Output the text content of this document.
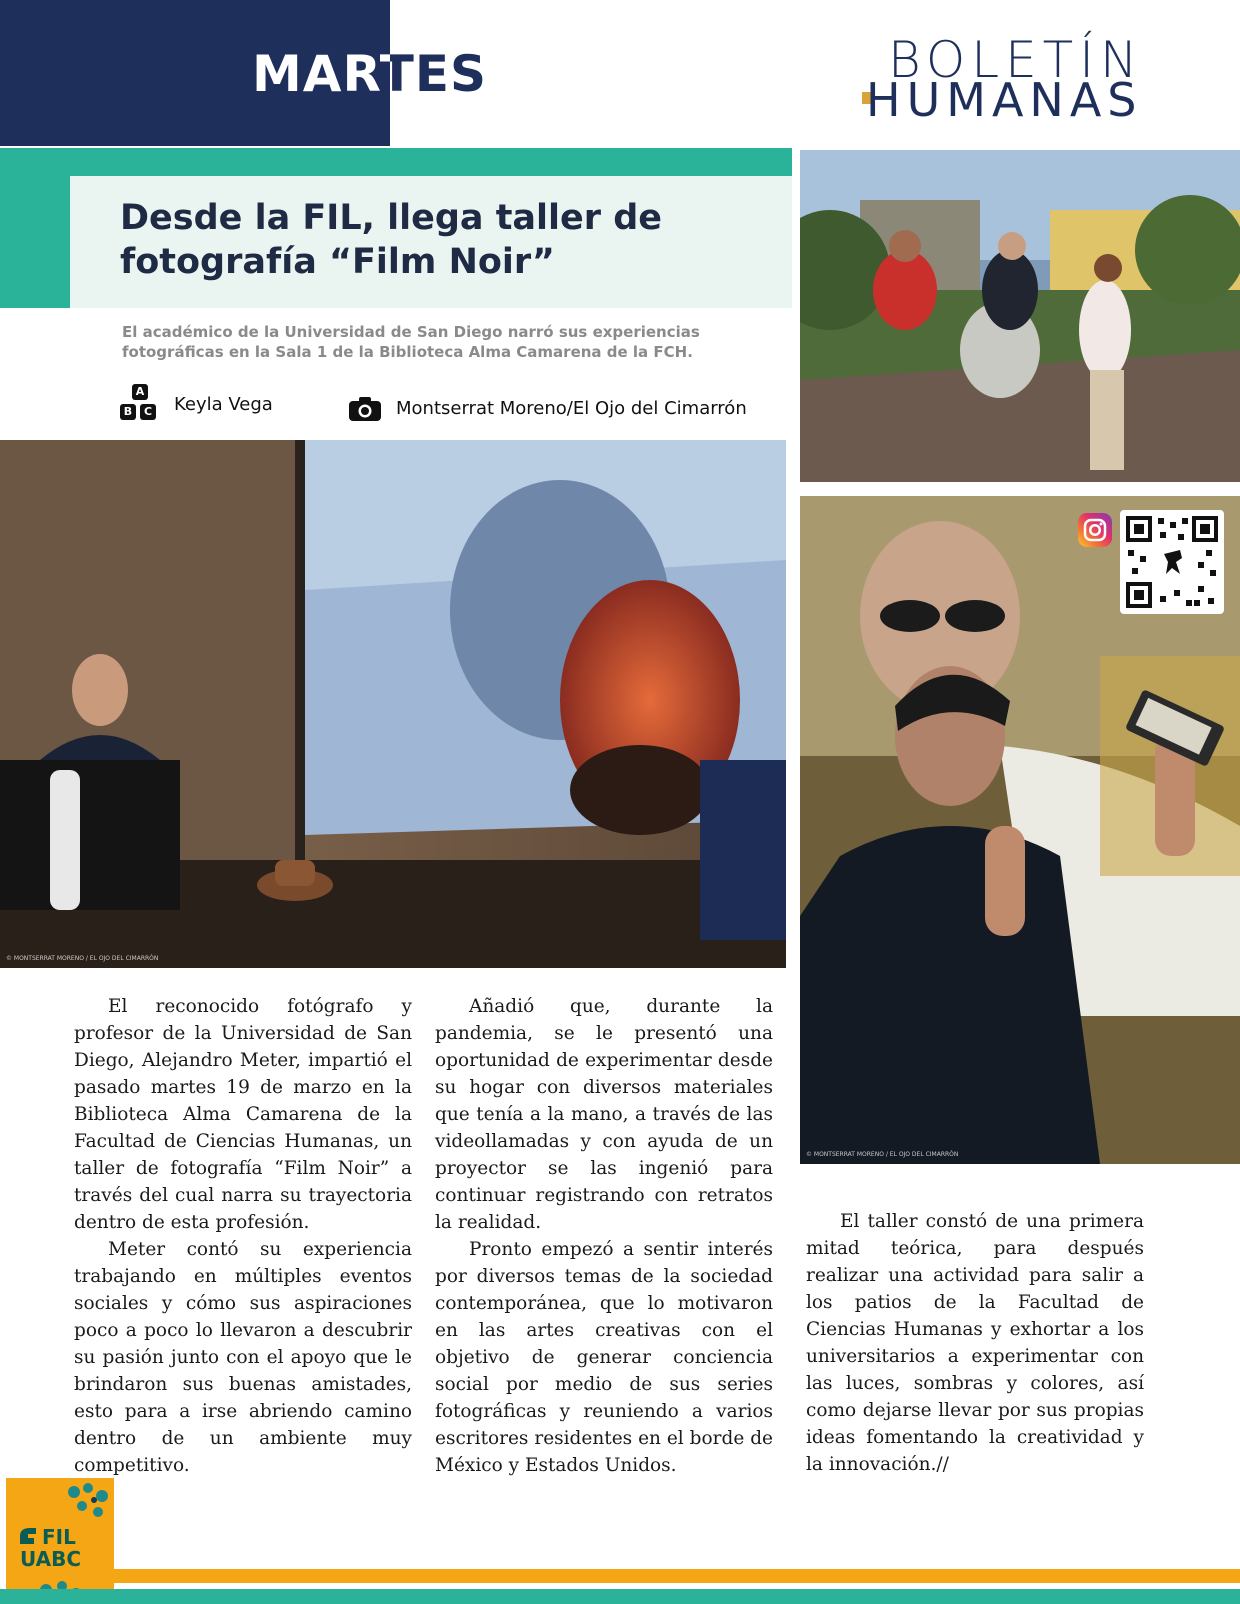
MARTES	BOLETÍN
HUMANAS
Desde la FIL, llega taller de fotografía “Film Noir”
El académico de la Universidad de San Diego narró sus experiencias fotográficas en la Sala 1 de la Biblioteca Alma Camarena de la FCH.
A
B	C Keyla Vega	Montserrat Moreno/El Ojo del Cimarrón
© MONTSERRAT MORENO / EL OJO DEL CIMARRÓN
© MONTSERRAT MORENO / EL OJO DEL CIMARRÓN

El reconocido fotógrafo y profesor de la Universidad de San Diego, Alejandro Meter, impartió el pasado martes 19 de marzo en la Biblioteca Alma Camarena de la Facultad de Ciencias Humanas, un taller de fotografía “Film Noir” a través del cual narra su trayectoria dentro de esta profesión.

Meter contó su experiencia trabajando en múltiples eventos sociales y cómo sus aspiraciones poco a poco lo llevaron a descubrir su pasión junto con el apoyo que le brindaron sus buenas amistades, esto para a irse abriendo camino dentro de un ambiente muy competitivo.

Añadió que, durante la pandemia, se le presentó una oportunidad de experimentar desde su hogar con diversos materiales que tenía a la mano, a través de las videollamadas y con ayuda de un proyector se las ingenió para continuar registrando con retratos la realidad.

Pronto empezó a sentir interés por diversos temas de la sociedad contemporánea, que lo motivaron en las artes creativas con el objetivo de generar conciencia social por medio de sus series fotográficas y reuniendo a varios escritores residentes en el borde de México y Estados Unidos.

El taller constó de una primera mitad teórica, para después realizar una actividad para salir a los patios de la Facultad de Ciencias Humanas y exhortar a los universitarios a experimentar con las luces, sombras y colores, así como dejarse llevar por sus propias ideas fomentando la creatividad y la innovación.//

FIL
UABC
